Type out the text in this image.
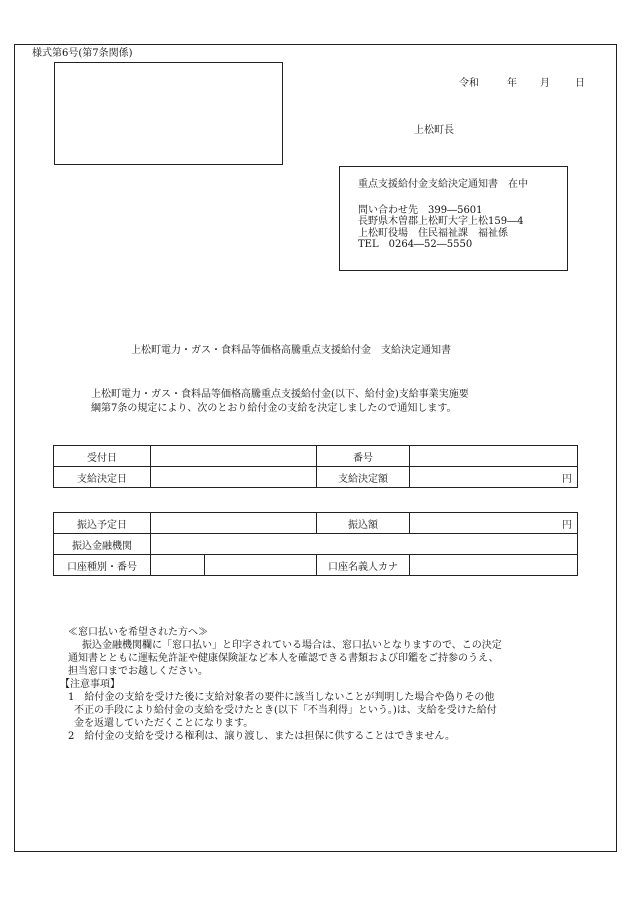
様式第6号(第7条関係)
令和	年 月	日
上松町長
重点支援給付金支給決定通知書　在中
問い合わせ先　399―5601
長野県木曽郡上松町大字上松159―4
上松町役場　住民福祉課　福祉係
TEL　0264―52―5550
上松町電力・ガス・食料品等価格高騰重点支援給付金　支給決定通知書
上松町電力・ガス・食料品等価格高騰重点支援給付金(以下、給付金)支給事業実施要
綱第7条の規定により、次のとおり給付金の支給を決定しましたので通知します。
受付日		番号	
支給決定日		支給決定額	円
振込予定日			振込額	円
振込金融機関				
口座種別・番号			口座名義人カナ	
≪窓口払いを希望された方へ≫
振込金融機関欄に「窓口払い」と印字されている場合は、窓口払いとなりますので、この決定
通知書とともに運転免許証や健康保険証など本人を確認できる書類および印鑑をご持参のうえ、
担当窓口までお越しください。
【注意事項】
1　給付金の支給を受けた後に支給対象者の要件に該当しないことが判明した場合や偽りその他
不正の手段により給付金の支給を受けたとき(以下「不当利得」という。)は、支給を受けた給付
金を返還していただくことになります。
2　給付金の支給を受ける権利は、譲り渡し、または担保に供することはできません。
